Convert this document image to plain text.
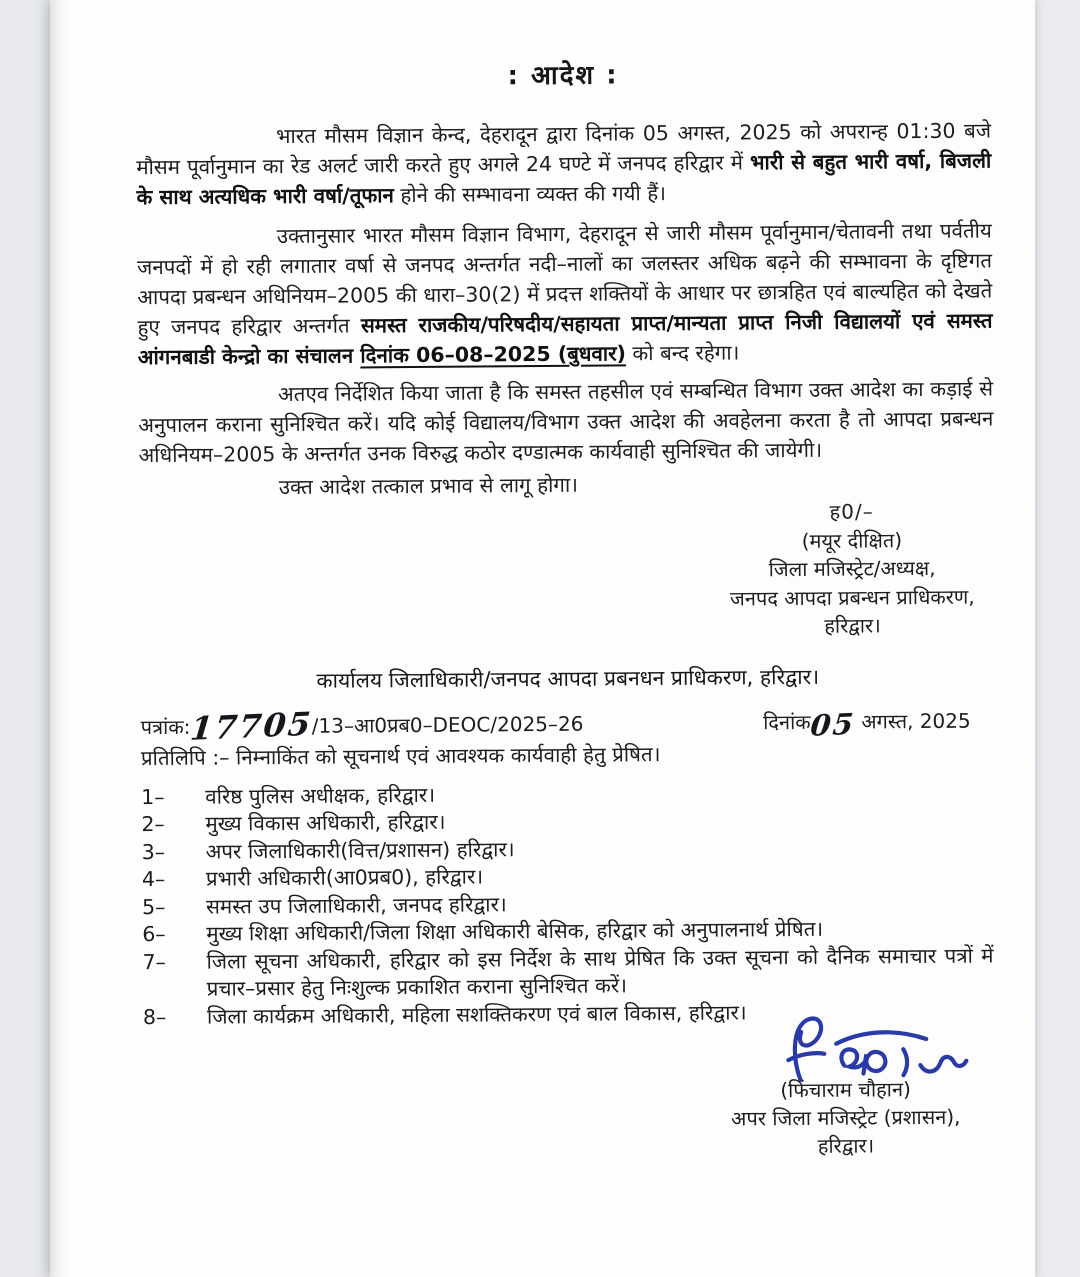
: आदेश :

भारत मौसम विज्ञान केन्द, देहरादून द्वारा दिनांक 05 अगस्त, 2025 को अपरान्ह 01:30 बजे मौसम पूर्वानुमान का रेड अलर्ट जारी करते हुए अगले 24 घण्टे में जनपद हरिद्वार में भारी से बहुत भारी वर्षा, बिजली के साथ अत्यधिक भारी वर्षा/तूफान होने की सम्भावना व्यक्त की गयी हैं।

उक्तानुसार भारत मौसम विज्ञान विभाग, देहरादून से जारी मौसम पूर्वानुमान/चेतावनी तथा पर्वतीय जनपदों में हो रही लगातार वर्षा से जनपद अन्तर्गत नदी–नालों का जलस्तर अधिक बढ़ने की सम्भावना के दृष्टिगत आपदा प्रबन्धन अधिनियम–2005 की धारा–30(2) में प्रदत्त शक्तियों के आधार पर छात्रहित एवं बाल्यहित को देखते हुए जनपद हरिद्वार अन्तर्गत समस्त राजकीय/परिषदीय/सहायता प्राप्त/मान्यता प्राप्त निजी विद्यालयों एवं समस्त आंगनबाडी केन्द्रो का संचालन दिनांक 06–08–2025 (बुधवार) को बन्द रहेगा।

अतएव निर्देशित किया जाता है कि समस्त तहसील एवं सम्बन्धित विभाग उक्त आदेश का कड़ाई से अनुपालन कराना सुनिश्चित करें। यदि कोई विद्यालय/विभाग उक्त आदेश की अवहेलना करता है तो आपदा प्रबन्धन अधिनियम–2005 के अन्तर्गत उनक विरुद्ध कठोर दण्डात्मक कार्यवाही सुनिश्चित की जायेगी।

उक्त आदेश तत्काल प्रभाव से लागू होगा।

ह0/–
(मयूर दीक्षित)
जिला मजिस्ट्रेट/अध्यक्ष,
जनपद आपदा प्रबन्धन प्राधिकरण,
हरिद्वार।
कार्यालय जिलाधिकारी/जनपद आपदा प्रबनधन प्राधिकरण, हरिद्वार।
पत्रांक:17705/13–आ0प्रब0–DEOC/2025–26	दिनांक05 अगस्त, 2025
प्रतिलिपि :– निम्नाकिंत को सूचनार्थ एवं आवश्यक कार्यवाही हेतु प्रेषित।
1–	वरिष्ठ पुलिस अधीक्षक, हरिद्वार।
2–	मुख्य विकास अधिकारी, हरिद्वार।
3–	अपर जिलाधिकारी(वित्त/प्रशासन) हरिद्वार।
4–	प्रभारी अधिकारी(आ0प्रब0), हरिद्वार।
5–	समस्त उप जिलाधिकारी, जनपद हरिद्वार।
6–	मुख्य शिक्षा अधिकारी/जिला शिक्षा अधिकारी बेसिक, हरिद्वार को अनुपालनार्थ प्रेषित।
7–	जिला सूचना अधिकारी, हरिद्वार को इस निर्देश के साथ प्रेषित कि उक्त सूचना को दैनिक समाचार पत्रों में प्रचार–प्रसार हेतु निःशुल्क प्रकाशित कराना सुनिश्चित करें।
8–	जिला कार्यक्रम अधिकारी, महिला सशक्तिकरण एवं बाल विकास, हरिद्वार।
(फिंचाराम चौहान)
अपर जिला मजिस्ट्रेट (प्रशासन),
हरिद्वार।
